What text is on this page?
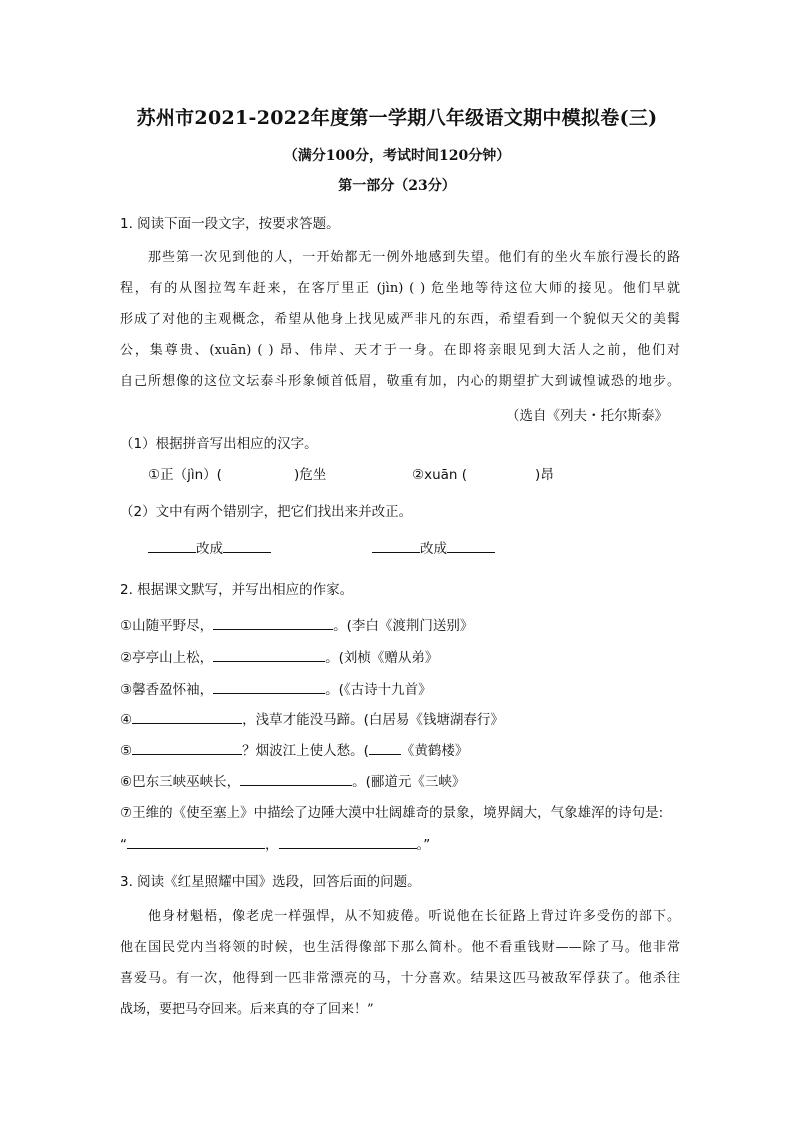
苏州市2021-2022年度第一学期八年级语文期中模拟卷(三)
（满分100分，考试时间120分钟）
第一部分（23分）
1. 阅读下面一段文字，按要求答题。
那些第一次见到他的人，一开始都无一例外地感到失望。他们有的坐火车旅行漫长的路
程，有的从图拉驾车赶来，在客厅里正 (jìn) ( ) 危坐地等待这位大师的接见。他们早就
形成了对他的主观概念，希望从他身上找见威严非凡的东西，希望看到一个貌似天父的美髯
公，集尊贵、(xuān) ( ) 昂、伟岸、天才于一身。在即将亲眼见到大活人之前，他们对
自己所想像的这位文坛泰斗形象倾首低眉，敬重有加，内心的期望扩大到诚惶诚恐的地步。
（选自《列夫・托尔斯泰》
（1）根据拼音写出相应的汉字。
①正（jìn）(	)危坐	②xuān (	)昂
（2）文中有两个错别字，把它们找出来并改正。
改成	改成
2. 根据课文默写，并写出相应的作家。
①山随平野尽，	。(李白《渡荆门送别》
②亭亭山上松，	。(刘桢《赠从弟》
③馨香盈怀袖，	。(《古诗十九首》
④	，浅草才能没马蹄。(白居易《钱塘湖春行》
⑤	？烟波江上使人愁。( 《黄鹤楼》
⑥巴东三峡巫峡长，	。(郦道元《三峡》
⑦王维的《使至塞上》中描绘了边陲大漠中壮阔雄奇的景象，境界阔大，气象雄浑的诗句是:
“	，	。”
3. 阅读《红星照耀中国》选段，回答后面的问题。
他身材魁梧，像老虎一样强悍，从不知疲倦。听说他在长征路上背过许多受伤的部下。
他在国民党内当将领的时候，也生活得像部下那么简朴。他不看重钱财——除了马。他非常
喜爱马。有一次，他得到一匹非常漂亮的马，十分喜欢。结果这匹马被敌军俘获了。他杀往
战场，要把马夺回来。后来真的夺了回来！”
